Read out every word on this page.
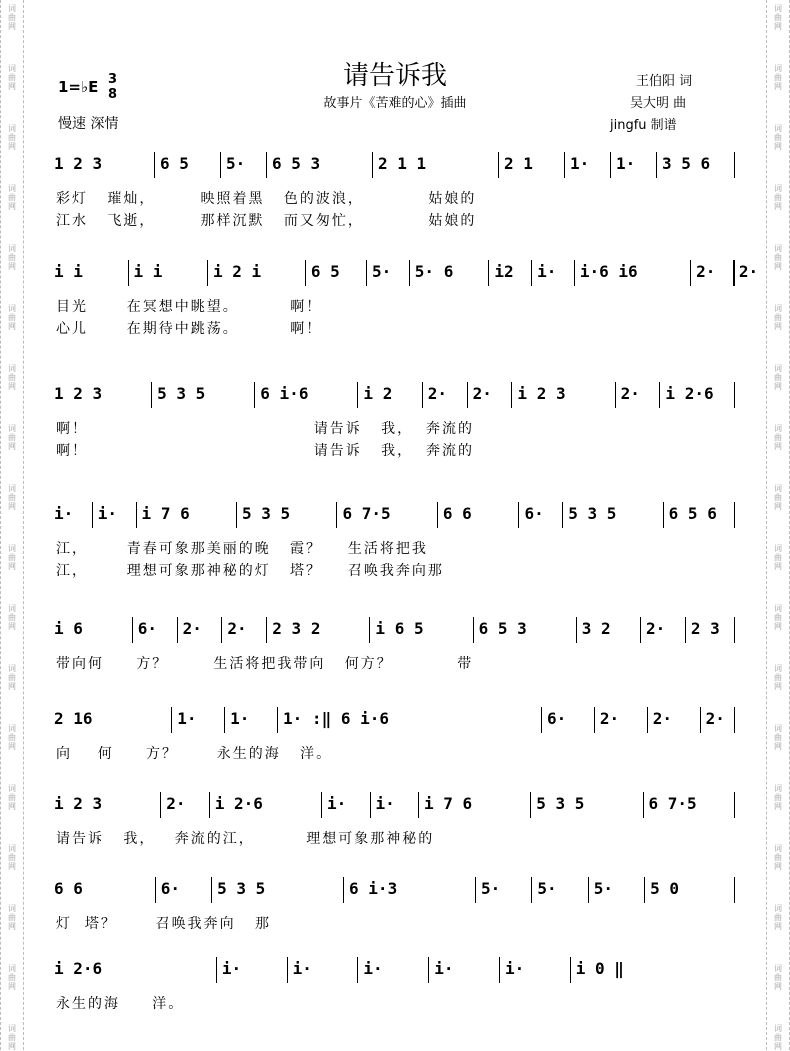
词
曲
网
词
曲
网
词
曲
网
词
曲
网
词
曲
网
词
曲
网
词
曲
网
词
曲
网
词
曲
网
词
曲
网
词
曲
网
词
曲
网
词
曲
网
词
曲
网
词
曲
网
词
曲
网
词
曲
网
词
曲
网
词
曲
网
词
曲
网
词
曲
网
词
曲
网
词
曲
网
词
曲
网
词
曲
网
词
曲
网
词
曲
网
词
曲
网
词
曲
网
词
曲
网
词
曲
网
词
曲
网
词
曲
网
词
曲
网
词
曲
网
词
曲
网
请告诉我
故事片《苦难的心》插曲
1=♭E 3
8
慢速 深情
王伯阳 词
吴大明 曲
jingfu 制谱
1 2 3	6 5 5· 6 5 3	2 1 1	2 1 1· 1· 3 5 6
彩灯   璀灿，       映照着黑   色的波浪，          姑娘的
江水   飞逝，       那样沉默   而又匆忙，          姑娘的
i i	i i	i 2 i	6 5 5· 5· 6	i2 i· i·6 i6	2· 2·
目光      在冥想中眺望。        啊！
心儿      在期待中跳荡。        啊！
1 2 3	5 3 5	6 i·6	i 2 2· 2· i 2 3	2· i 2·6
啊！                                   请告诉   我，  奔流的
啊！                                   请告诉   我，  奔流的
i· i· i 7 6	5 3 5	6 7·5	6 6	6· 5 3 5	6 5 6
江，      青春可象那美丽的晚   霞？    生活将把我
江，      理想可象那神秘的灯   塔？    召唤我奔向那
i 6	6· 2· 2· 2 3 2	i 6 5	6 5 3	3 2 2· 2 3
带向何     方？       生活将把我带向   何方？          带
2 16	1· 1· 1· :‖ 6 i·6	6· 2· 2· 2·
向    何     方？      永生的海   洋。
i 2 3	2· i 2·6	i· i· i 7 6	5 3 5	6 7·5
请告诉   我，   奔流的江，        理想可象那神秘的
6 6	6· 5 3 5	6 i·3	5· 5· 5· 5 0
灯  塔？      召唤我奔向   那
i 2·6	i·	i·	i·	i·	i·	i 0 ‖
永生的海     洋。
